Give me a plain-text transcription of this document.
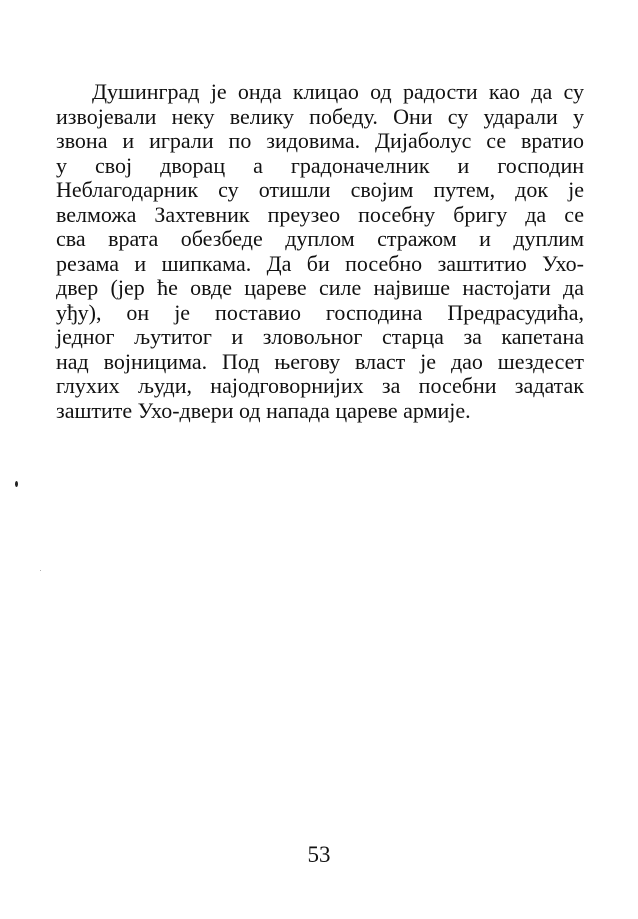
Душинград је онда клицао од радости као да су
извојевали неку велику победу. Они су ударали у
звона и играли по зидовима. Дијаболус се вратио
у свој дворац а градоначелник и господин
Неблагодарник су отишли својим путем, док је
велможа Захтевник преузео посебну бригу да се
сва врата обезбеде дуплом стражом и дуплим
резама и шипкама. Да би посебно заштитио Ухо-
двер (јер ће овде цареве силе највише настојати да
уђу), он је поставио господина Предрасудића,
једног љутитог и зловољног старца за капетана
над војницима. Под његову власт је дао шездесет
глухих људи, најодговорнијих за посебни задатак
заштите Ухо-двери од напада цареве армије.
53
